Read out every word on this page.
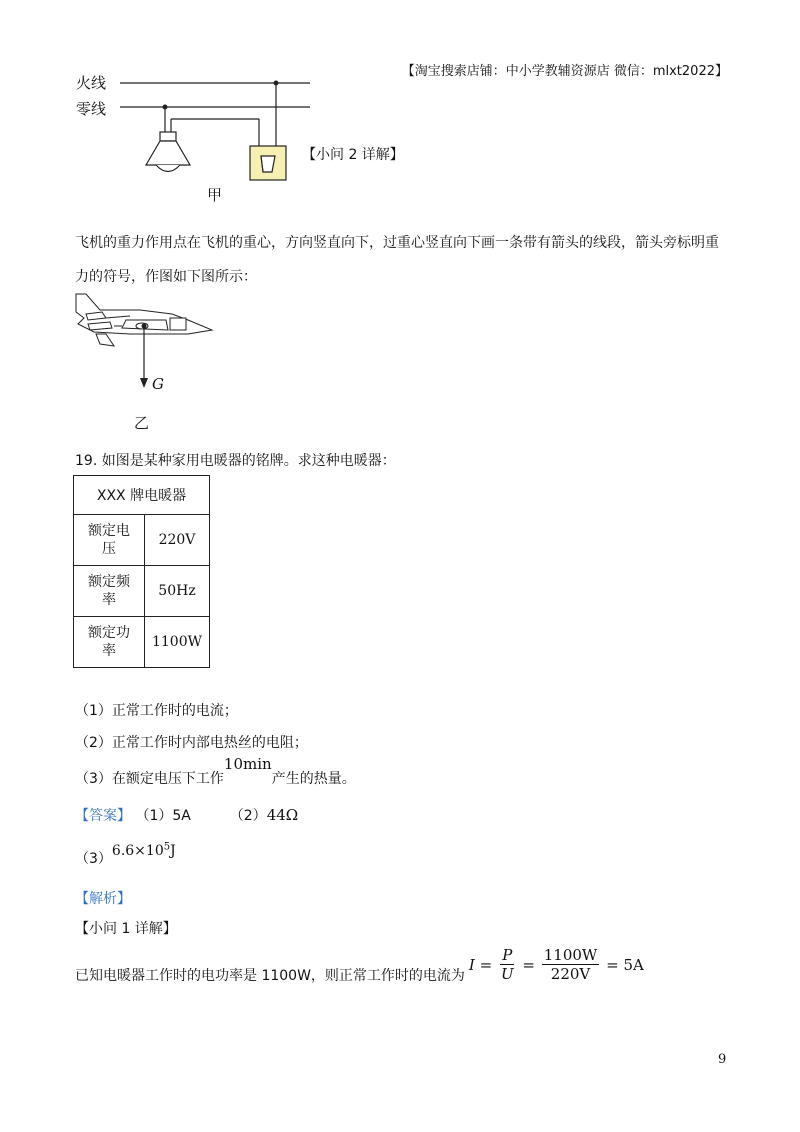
【淘宝搜索店铺：中小学教辅资源店 微信：mlxt2022】
火线
零线
甲
【小问 2 详解】
飞机的重力作用点在飞机的重心，方向竖直向下，过重心竖直向下画一条带有箭头的线段，箭头旁标明重
力的符号，作图如下图所示：
G
乙
19. 如图是某种家用电暖器的铭牌。求这种电暖器：
XXX 牌电暖器	

额定电
压	220V

额定频
率	50Hz

额定功
率	1100W
（1）正常工作时的电流；
（2）正常工作时内部电热丝的电阻；
（3）在额定电压下工作10min产生的热量。
【答案】 （1）5A	（2）44Ω
$(3)6.6\times 10^5J$
【解析】
【小问 1 详解】
已知电暖器工作时的电功率是 1100W，则正常工作时的电流为
$I = \frac{P}{U} = \frac{1100W}{220V}$
= 5A
9
